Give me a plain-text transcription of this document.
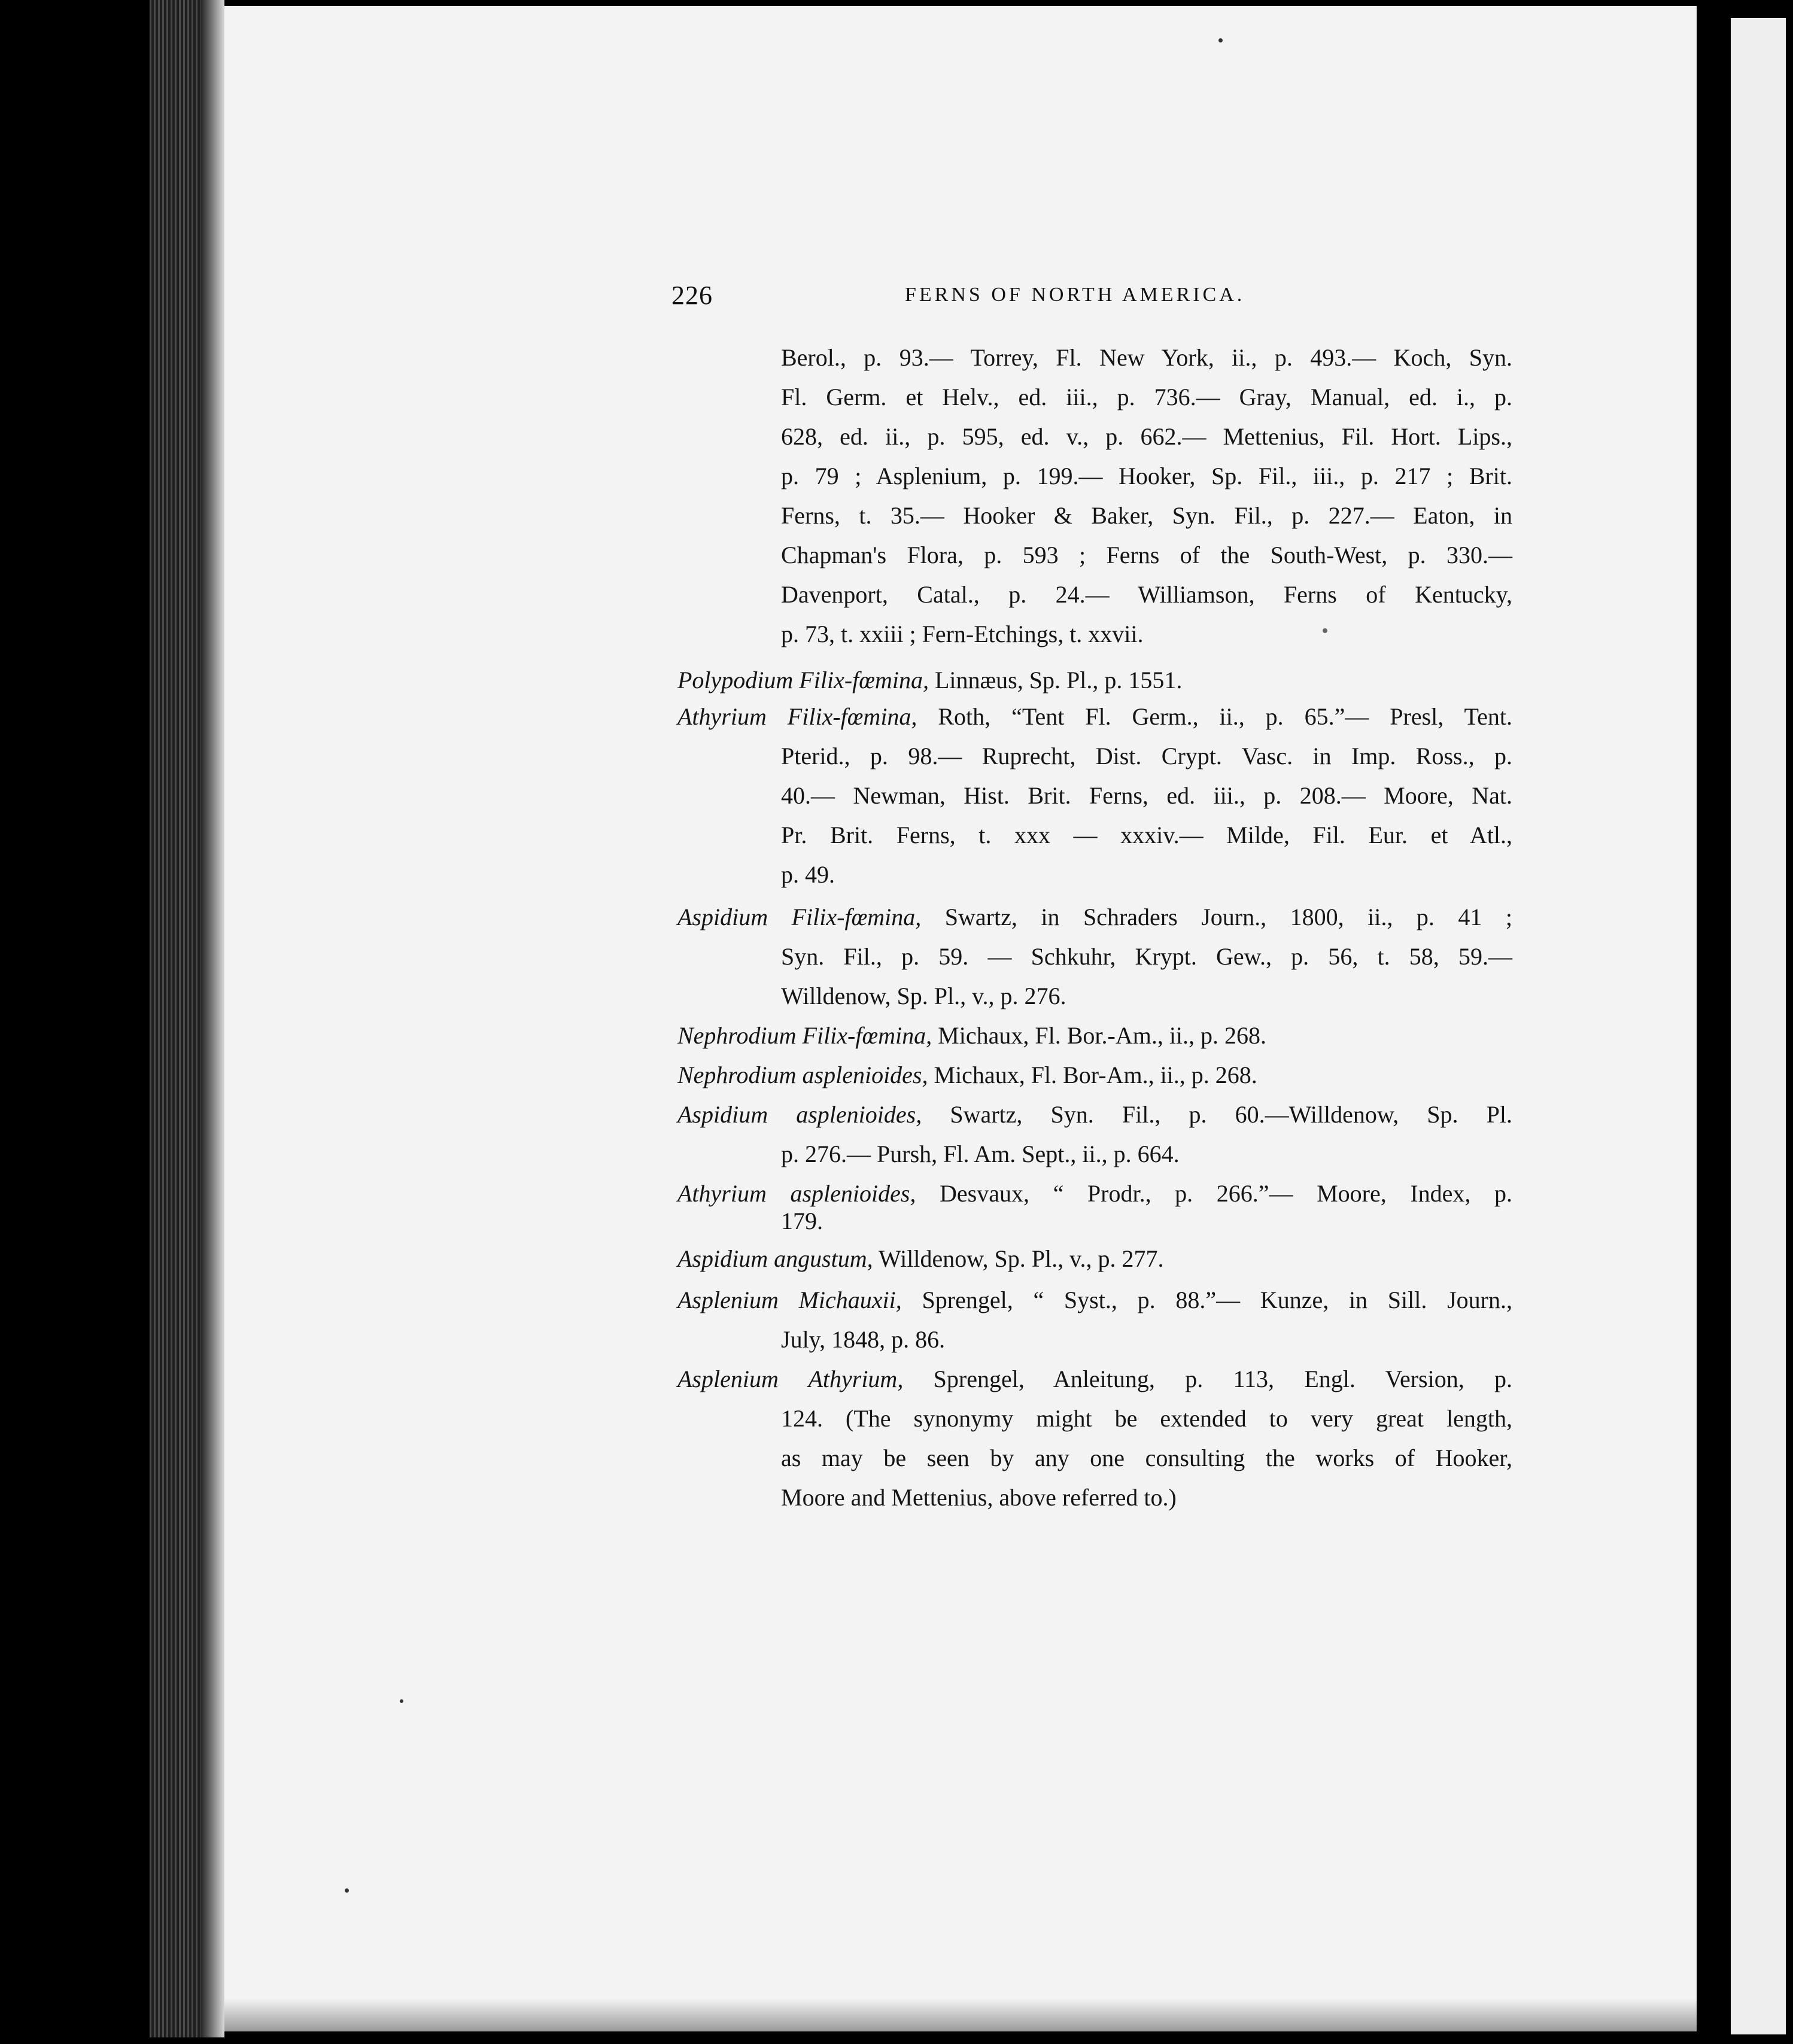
226	FERNS OF NORTH AMERICA.
Berol., p. 93.— Torrey, Fl. New York, ii., p. 493.— Koch, Syn.
Fl. Germ. et Helv., ed. iii., p. 736.— Gray, Manual, ed. i., p.
628, ed. ii., p. 595, ed. v., p. 662.— Mettenius, Fil. Hort. Lips.,
p. 79 ; Asplenium, p. 199.— Hooker, Sp. Fil., iii., p. 217 ; Brit.
Ferns, t. 35.— Hooker & Baker, Syn. Fil., p. 227.— Eaton, in
Chapman's Flora, p. 593 ; Ferns of the South-West, p. 330.—
Davenport, Catal., p. 24.— Williamson, Ferns of Kentucky,
p. 73, t. xxiii ; Fern-Etchings, t. xxvii.
Polypodium Filix-fœmina, Linnæus, Sp. Pl., p. 1551.
Athyrium Filix-fœmina, Roth, “Tent Fl. Germ., ii., p. 65.”— Presl, Tent.
Pterid., p. 98.— Ruprecht, Dist. Crypt. Vasc. in Imp. Ross., p.
40.— Newman, Hist. Brit. Ferns, ed. iii., p. 208.— Moore, Nat.
Pr. Brit. Ferns, t. xxx — xxxiv.— Milde, Fil. Eur. et Atl.,
p. 49.
Aspidium Filix-fœmina, Swartz, in Schraders Journ., 1800, ii., p. 41 ;
Syn. Fil., p. 59. — Schkuhr, Krypt. Gew., p. 56, t. 58, 59.—
Willdenow, Sp. Pl., v., p. 276.
Nephrodium Filix-fœmina, Michaux, Fl. Bor.-Am., ii., p. 268.
Nephrodium asplenioides, Michaux, Fl. Bor-Am., ii., p. 268.
Aspidium asplenioides, Swartz, Syn. Fil., p. 60.—Willdenow, Sp. Pl.
p. 276.— Pursh, Fl. Am. Sept., ii., p. 664.
Athyrium asplenioides, Desvaux, “ Prodr., p. 266.”— Moore, Index, p.
179.
Aspidium angustum, Willdenow, Sp. Pl., v., p. 277.
Asplenium Michauxii, Sprengel, “ Syst., p. 88.”— Kunze, in Sill. Journ.,
July, 1848, p. 86.
Asplenium Athyrium, Sprengel, Anleitung, p. 113, Engl. Version, p.
124. (The synonymy might be extended to very great length,
as may be seen by any one consulting the works of Hooker,
Moore and Mettenius, above referred to.)
